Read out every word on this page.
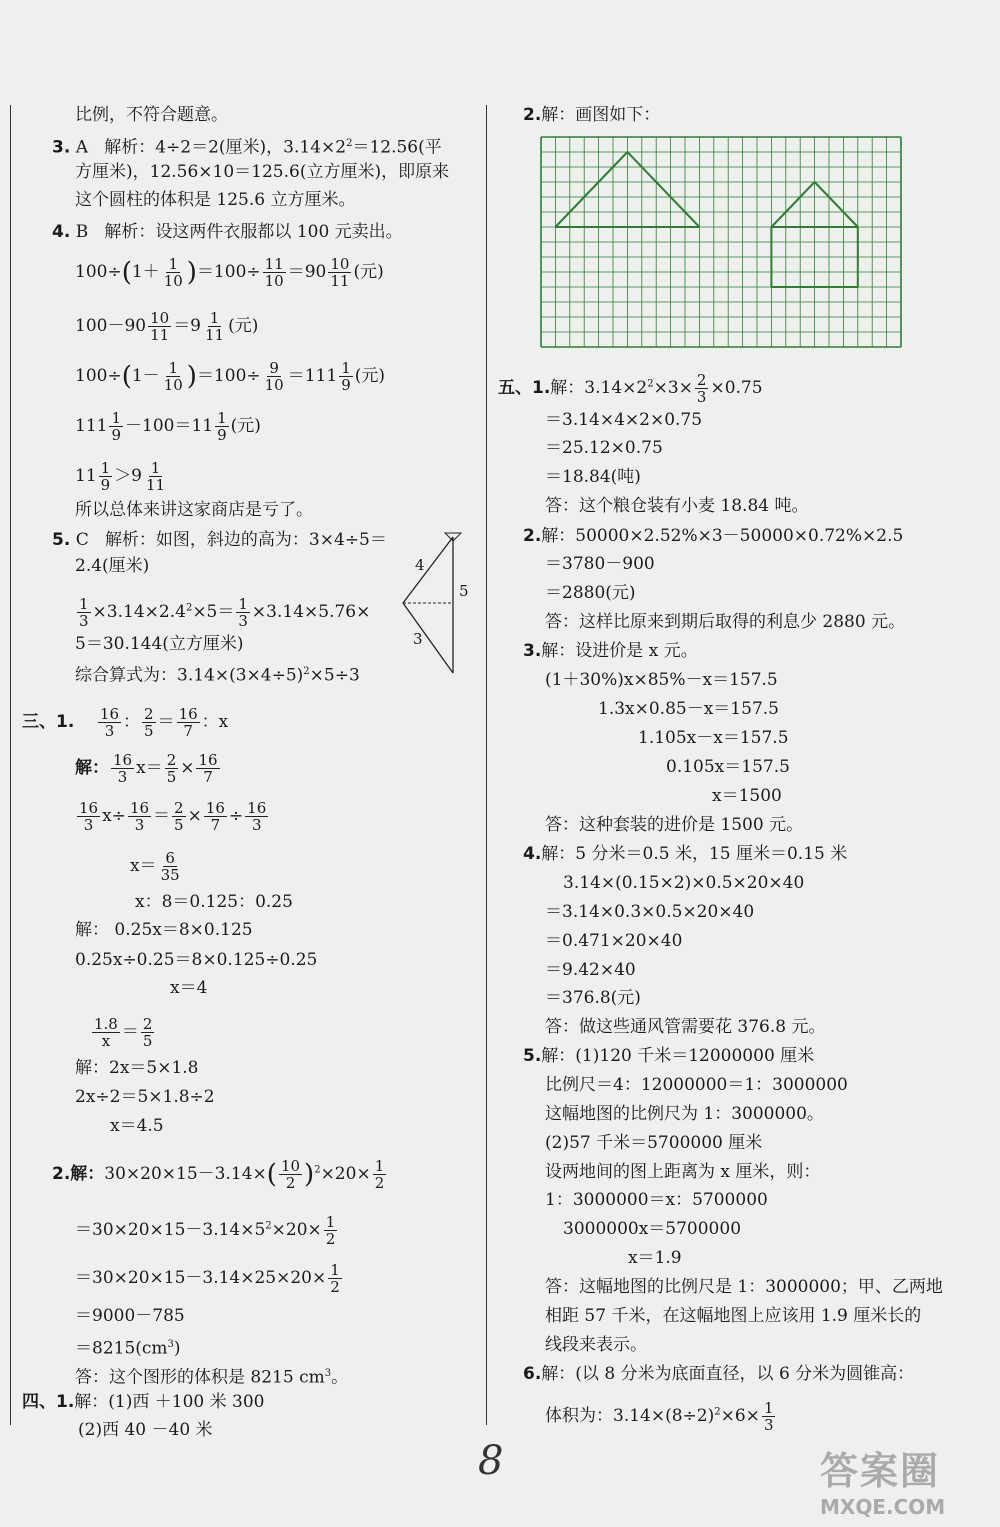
比例，不符合题意。
3. A 解析：4÷2＝2(厘米)，$3.14\times 2^2=12.56$(平
方厘米)，12.56×10＝125.6(立方厘米)，即原来
这个圆柱的体积是 125.6 立方厘米。
4. B 解析：设这两件衣服都以 100 元卖出。
$100\div(1+ \frac{1}{10} )=100\div \frac{11}{10} =90 \frac{10}{11}$ (元)
$100-90 \frac{10}{11} =9 \frac{1}{11}$ (元)
$100\div(1- \frac{1}{10} )=100\div \frac{9}{10} =111 \frac{1}{9}$ (元)
$111 \frac{1}{9} -100=11 \frac{1}{9}$ (元)
$11 \frac{1}{9} >9 \frac{1}{11}$
所以总体来讲这家商店是亏了。
5. C 解析：如图，斜边的高为：3×4÷5＝
2.4(厘米)
$\frac{1}{3} \times 3.14\times 2.4^2\times 5= \frac{1}{3} \times 3.14\times 5.76\times$
5＝30.144(立方厘米)
综合算式为：$3.14\times(3\times 4\div 5)^2\times 5\div 3$
4
5
3
三、1. $\frac{16}{3}$ ： $\frac{2}{5} = \frac{16}{7}$ ：x
解： $\frac{16}{3} x= \frac{2}{5} \times \frac{16}{7}$
$\frac{16}{3} x\div \frac{16}{3} = \frac{2}{5} \times \frac{16}{7} \div \frac{16}{3}$
$x= \frac{6}{35}$
x：8＝0.125：0.25
解： 0.25x＝8×0.125
0.25x÷0.25＝8×0.125÷0.25
x＝4
$\frac{1.8}{x} = \frac{2}{5}$
解：2x＝5×1.8
2x÷2＝5×1.8÷2
x＝4.5
2.解：$30\times 20\times 15-3.14\times( \frac{10}{2} )^2\times 20\times \frac{1}{2}$
$=30\times 20\times 15-3.14\times 5^2\times 20\times \frac{1}{2}$
$=30\times 20\times 15-3.14\times 25\times 20\times \frac{1}{2}$
＝9000－785
$=8215(cm^3)$
答：这个图形的体积是 8215 $cm^3$。
四、1.解：(1)西 ＋100 米 300
(2)西 40 －40 米
2.解：画图如下：
五、1.解：$3.14\times 2^2\times 3\times \frac{2}{3} \times 0.75$
＝3.14×4×2×0.75
＝25.12×0.75
＝18.84(吨)
答：这个粮仓装有小麦 18.84 吨。
2.解：50000×2.52%×3－50000×0.72%×2.5
＝3780－900
＝2880(元)
答：这样比原来到期后取得的利息少 2880 元。
3.解：设进价是 x 元。
(1＋30%)x×85%－x＝157.5
1.3x×0.85－x＝157.5
1.105x－x＝157.5
0.105x＝157.5
x＝1500
答：这种套装的进价是 1500 元。
4.解：5 分米＝0.5 米，15 厘米＝0.15 米
3.14×(0.15×2)×0.5×20×40
＝3.14×0.3×0.5×20×40
＝0.471×20×40
＝9.42×40
＝376.8(元)
答：做这些通风管需要花 376.8 元。
5.解：(1)120 千米＝12000000 厘米
比例尺＝4：12000000＝1：3000000
这幅地图的比例尺为 1：3000000。
(2)57 千米＝5700000 厘米
设两地间的图上距离为 x 厘米，则：
1：3000000＝x：5700000
3000000x＝5700000
x＝1.9
答：这幅地图的比例尺是 1：3000000；甲、乙两地
相距 57 千米，在这幅地图上应该用 1.9 厘米长的
线段来表示。
6.解：(以 8 分米为底面直径，以 6 分米为圆锥高：
体积为：$3.14\times(8\div 2)^2\times 6\times \frac{1}{3}$
8	答案圈
MXQE.COM
